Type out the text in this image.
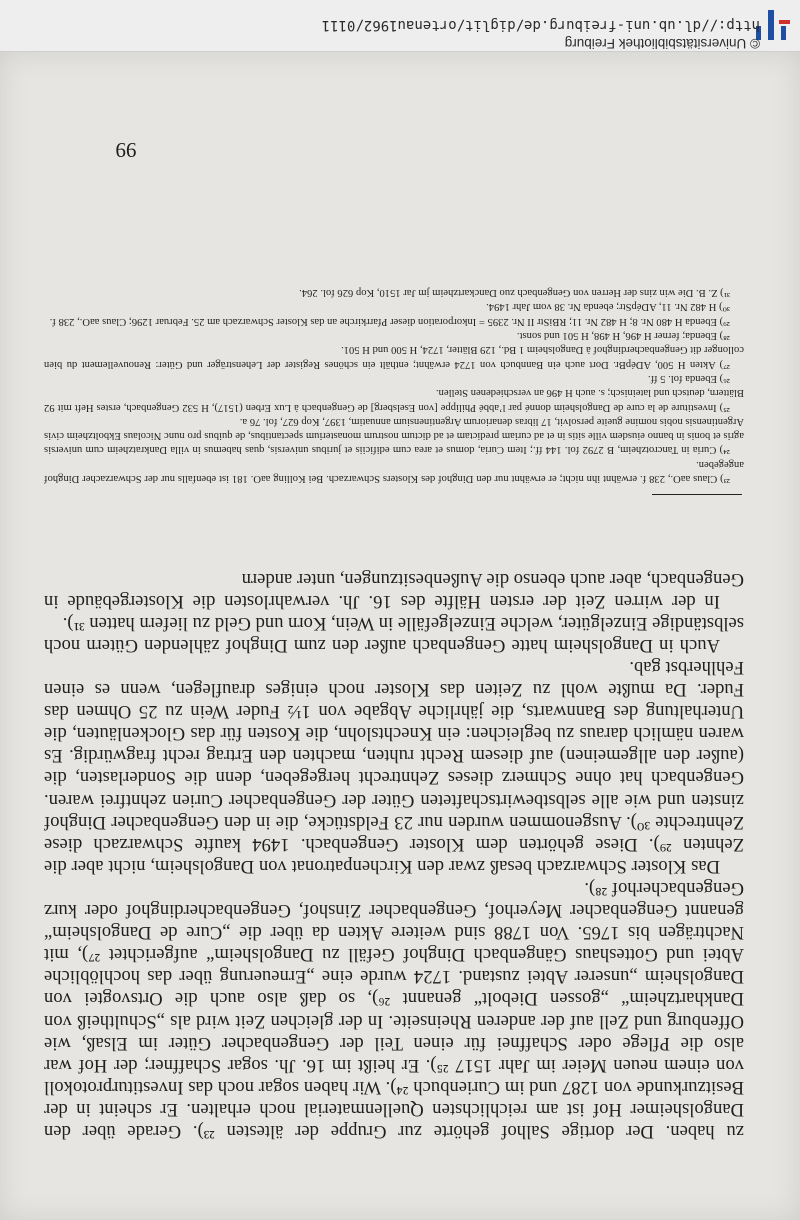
zu haben. Der dortige Salhof gehörte zur Gruppe der ältesten ²³). Gerade über den Dangolsheimer Hof ist am reichlichsten Quellenmaterial noch erhalten. Er scheint in der Besitzurkunde von 1287 und im Curienbuch ²⁴). Wir haben sogar noch das Investiturprotokoll von einem neuen Meier im Jahr 1517 ²⁵). Er heißt im 16. Jh. sogar Schaffner; der Hof war also die Pflege oder Schaffnei für einen Teil der Gengenbacher Güter im Elsaß, wie Offenburg und Zell auf der anderen Rheinseite. In der gleichen Zeit wird als „Schultheiß von Dankhartzheim“ „gossen Diebolt“ genannt ²⁶), so daß also auch die Ortsvogtei von Dangolsheim „unserer Abtei zustand. 1724 wurde eine „Erneuerung über das hochlöbliche Abtei und Gotteshaus Gängenbach Dinghof Gefäll zu Dangolsheim“ aufgerichtet ²⁷), mit Nachträgen bis 1765. Von 1788 sind weitere Akten da über die „Cure de Dangolsheim“ genannt Gengenbacher Meyerhof, Gengenbacher Zinshof, Gengenbacherdinghof oder kurz Gengenbacherhof ²⁸).

Das Kloster Schwarzach besaß zwar den Kirchenpatronat von Dangolsheim, nicht aber die Zehnten ²⁹). Diese gehörten dem Kloster Gengenbach. 1494 kaufte Schwarzach diese Zehntrechte ³⁰). Ausgenommen wurden nur 23 Feldstücke, die in den Gengenbacher Dinghof zinsten und wie alle selbstbewirtschafteten Güter der Gengenbacher Curien zehntfrei waren. Gengenbach hat ohne Schmerz dieses Zehntrecht hergegeben, denn die Sonderlasten, die (außer den allgemeinen) auf diesem Recht ruhten, machten den Ertrag recht fragwürdig. Es waren nämlich daraus zu begleichen: ein Knechtslohn, die Kosten für das Glockenläuten, die Unterhaltung des Bannwarts, die jährliche Abgabe von 1½ Fuder Wein zu 25 Ohmen das Fuder. Da mußte wohl zu Zeiten das Kloster noch einiges drauflegen, wenn es einen Fehlherbst gab.

Auch in Dangolsheim hatte Gengenbach außer den zum Dinghof zählenden Gütern noch selbständige Einzelgüter, welche Einzelgefälle in Wein, Korn und Geld zu liefern hatten ³¹).

In der wirren Zeit der ersten Hälfte des 16. Jh. verwahrlosten die Klostergebäude in Gengenbach, aber auch ebenso die Außenbesitzungen, unter andern

²³) Claus aaO., 238 f. erwähnt ihn nicht; er erwähnt nur den Dinghof des Klosters Schwarzach. Bei Kolling aaO. 181 ist ebenfalls nur der Schwarzacher Dinghof angegeben.

²⁴) Curia in Tancrotzheim, B 2792 fol. 144 ff.; Item Curia, domus et area cum edificiis et juribus universis, quas habemus in villa Dankratzheim cum universis agris et bonis in banno eiusdem ville sitis in et ad curiam predictam et ad dictum nostrum monasterium spectantibus, de quibus pro nunc Nicolaus Ekboltzheim civis Argentinensis nobis nomine gueite persolvit, 17 libras denariorum Argentinensium annuatim, 1397, Kop 627, fol. 76 a.

²⁵) Investiture de la cure de Dangolsheim donné par l’abbé Philippe [von Eselsberg] de Gengenbach à Lux Erben (1517), H 532 Gengenbach, erstes Heft mit 92 Blättern, deutsch und lateinisch; s. auch H 496 an verschiedenen Stellen.

²⁶) Ebenda fol. 5 ff.

²⁷) Akten H 500, ADépBr. Dort auch ein Bannbuch von 1724 erwähnt; enthält ein schönes Register der Lehensträger und Güter: Renouvellement du bien collonger dit Gengenbacherdinghof à Dangolsheim 1 Bd., 129 Blätter, 1724, H 500 und H 501.

²⁸) Ebenda; ferner H 496, H 498, H 501 und sonst.

²⁹) Ebenda H 480 Nr. 8; H 482 Nr. 11; RBiStr II Nr. 2395 = Inkorporation dieser Pfarrkirche an das Kloster Schwarzach am 25. Februar 1296; Claus aaO., 238 f.

³⁰) H 482 Nr. 11, ADépStr; ebenda Nr. 38 vom Jahr 1494.

³¹) Z. B. Die win zins der Herren von Gengenbach zuo Danckartzheim jm Jar 1510, Kop 626 fol. 264.

99
© Universitätsbibliothek Freiburg
http://dl.ub.uni-freiburg.de/diglit/ortenau1962/0111
